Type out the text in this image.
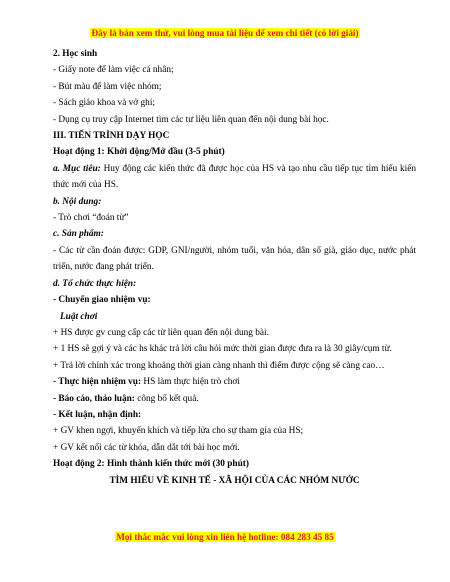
Đây là bản xem thử, vui lòng mua tài liệu để xem chi tiết (có lời giải)
2. Học sinh
- Giấy note để làm việc cá nhân;
- Bút màu để làm việc nhóm;
- Sách giáo khoa và vở ghi;
- Dụng cụ truy cập Internet tìm các tư liệu liên quan đến nội dung bài học.
III. TIẾN TRÌNH DẠY HỌC
Hoạt động 1: Khởi động/Mở đầu (3-5 phút)
a. Mục tiêu: Huy động các kiến thức đã được học của HS và tạo nhu cầu tiếp tục tìm hiểu kiến thức mới của HS.
b. Nội dung:
- Trò chơi “đoán từ”
c. Sản phẩm:
- Các từ cần đoán được: GDP, GNI/người, nhóm tuổi, văn hóa, dân số già, giáo dục, nước phát triển, nước đang phát triển.
d. Tổ chức thực hiện:
- Chuyển giao nhiệm vụ:
Luật chơi
+ HS được gv cung cấp các từ liên quan đến nội dung bài.
+ 1 HS sẽ gợi ý và các hs khác trả lời câu hỏi mức thời gian được đưa ra là 30 giây/cụm từ.
+ Trả lời chính xác trong khoảng thời gian càng nhanh thì điểm được cộng sẽ càng cao…
- Thực hiện nhiệm vụ: HS làm thực hiện trò chơi
- Báo cáo, thảo luận: công bố kết quả.
- Kết luận, nhận định:
+ GV khen ngợi, khuyến khích và tiếp lửa cho sự tham gia của HS;
+ GV kết nối các từ khóa, dẫn dắt tới bài học mới.
Hoạt động 2: Hình thành kiến thức mới (30 phút)
TÌM HIỂU VỀ KINH TẾ - XÃ HỘI CỦA CÁC NHÓM NƯỚC
Mọi thắc mắc vui lòng xin liên hệ hotline: 084 283 45 85
